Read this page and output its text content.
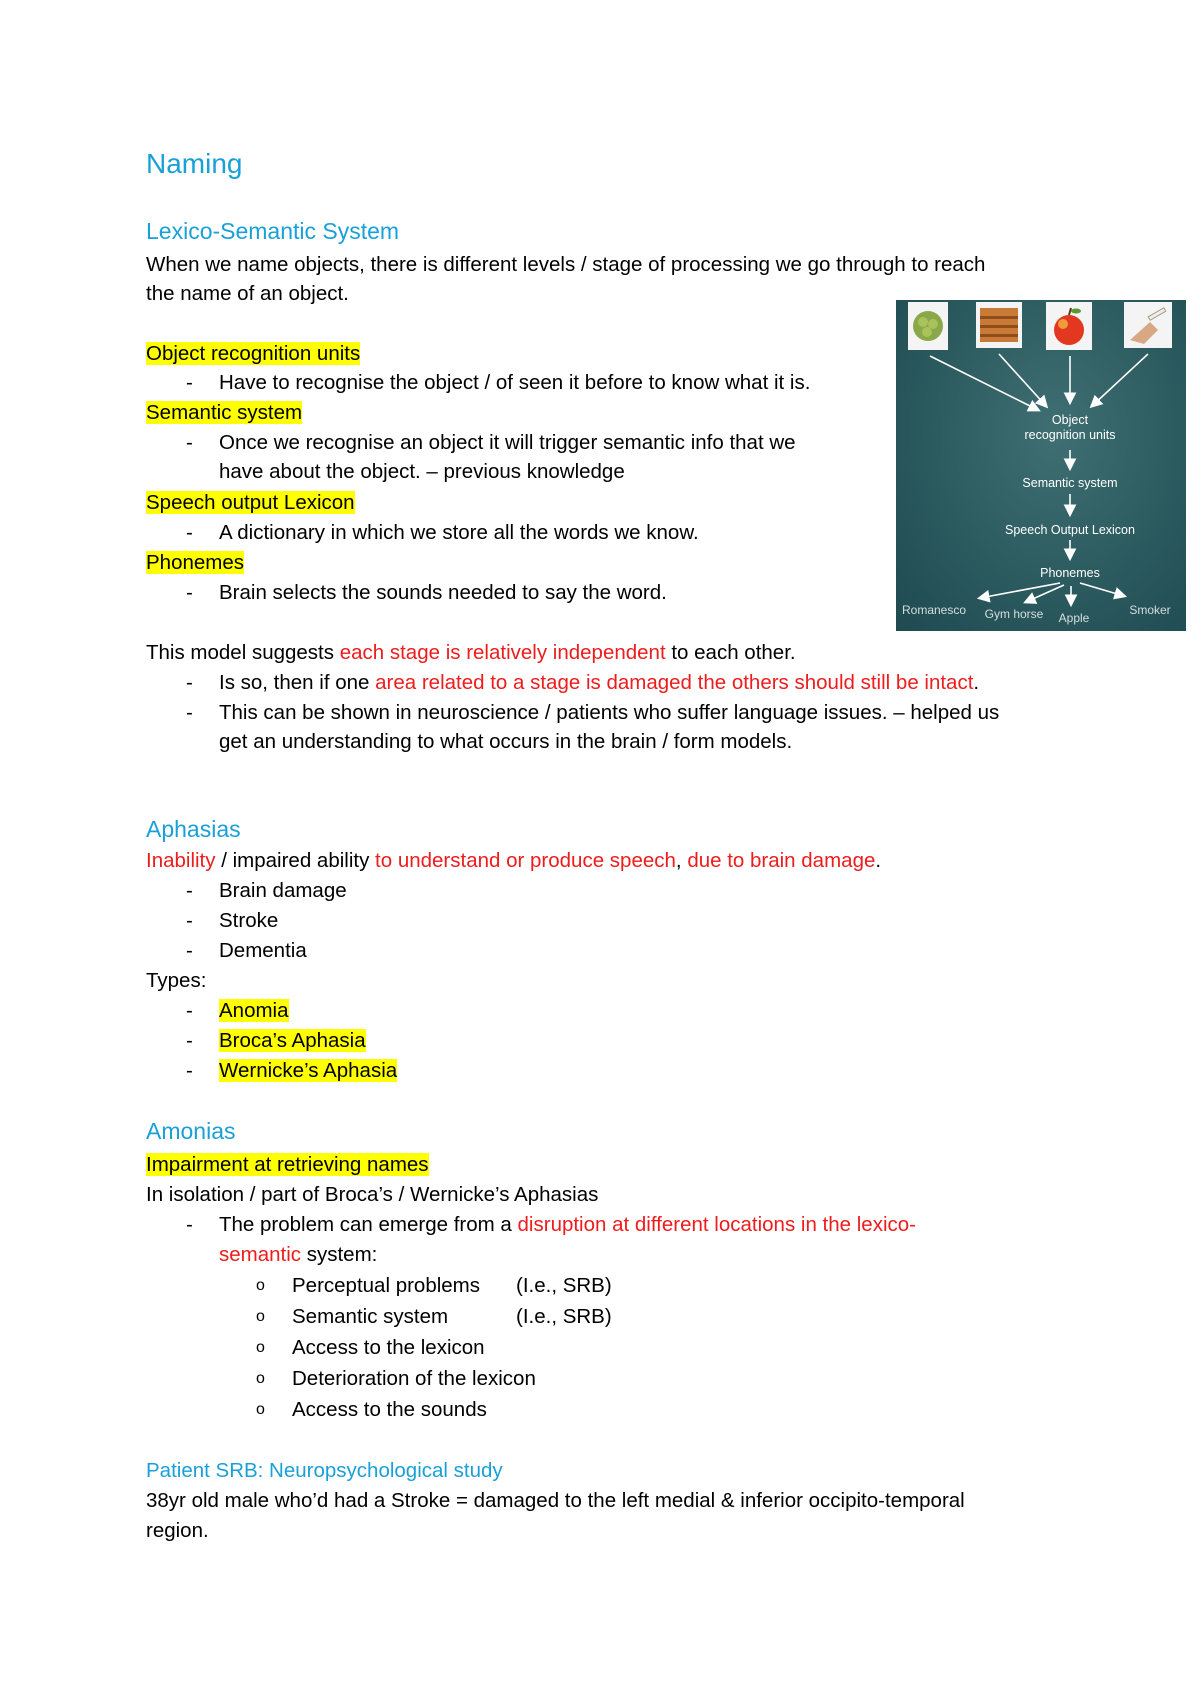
Naming
Lexico-Semantic System
When we name objects, there is different levels / stage of processing we go through to reach
the name of an object.
Object recognition units
- Have to recognise the object / of seen it before to know what it is.
Semantic system
- Once we recognise an object it will trigger semantic info that we
have about the object. – previous knowledge
Speech output Lexicon
- A dictionary in which we store all the words we know.
Phonemes
- Brain selects the sounds needed to say the word.
This model suggests each stage is relatively independent to each other.
- Is so, then if one area related to a stage is damaged the others should still be intact.
- This can be shown in neuroscience / patients who suffer language issues. – helped us
get an understanding to what occurs in the brain / form models.
Object
recognition units
Semantic system
Speech Output Lexicon
Phonemes
Romanesco Gym horse Apple
Smoker
Aphasias
Inability / impaired ability to understand or produce speech, due to brain damage.
- Brain damage
- Stroke
- Dementia
Types:
- Anomia
- Broca’s Aphasia
- Wernicke’s Aphasia
Amonias
Impairment at retrieving names
In isolation / part of Broca’s / Wernicke’s Aphasias
- The problem can emerge from a disruption at different locations in the lexico-
semantic system:
o Perceptual problems (I.e., SRB)
o Semantic system	(I.e., SRB)
o Access to the lexicon
o Deterioration of the lexicon
o Access to the sounds
Patient SRB: Neuropsychological study
38yr old male who’d had a Stroke = damaged to the left medial & inferior occipito-temporal
region.
